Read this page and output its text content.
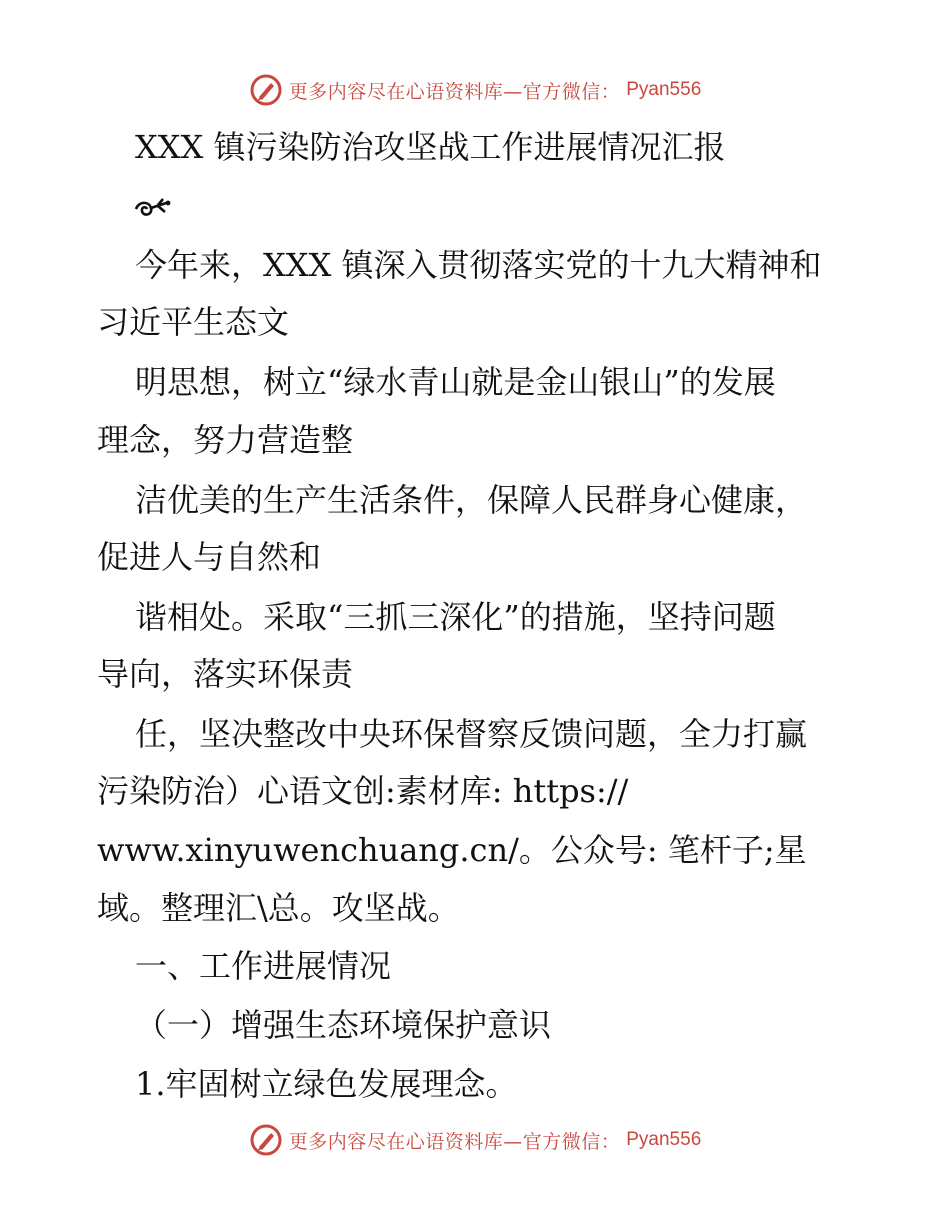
更多内容尽在心语资料库—官方微信： Pyan556
XXX 镇污染防治攻坚战工作进展情况汇报
今年来，XXX 镇深入贯彻落实党的十九大精神和
习近平生态文
明思想，树立“绿水青山就是金山银山”的发展
理念，努力营造整
洁优美的生产生活条件，保障人民群身心健康，
促进人与自然和
谐相处。采取“三抓三深化”的措施，坚持问题
导向，落实环保责
任，坚决整改中央环保督察反馈问题，全力打赢
污染防治）心语文创:素材库: https://
www.xinyuwenchuang.cn/。公众号: 笔杆子;星
域。整理汇\总。攻坚战。
一、工作进展情况
（一）增强生态环境保护意识
1.牢固树立绿色发展理念。
更多内容尽在心语资料库—官方微信： Pyan556
